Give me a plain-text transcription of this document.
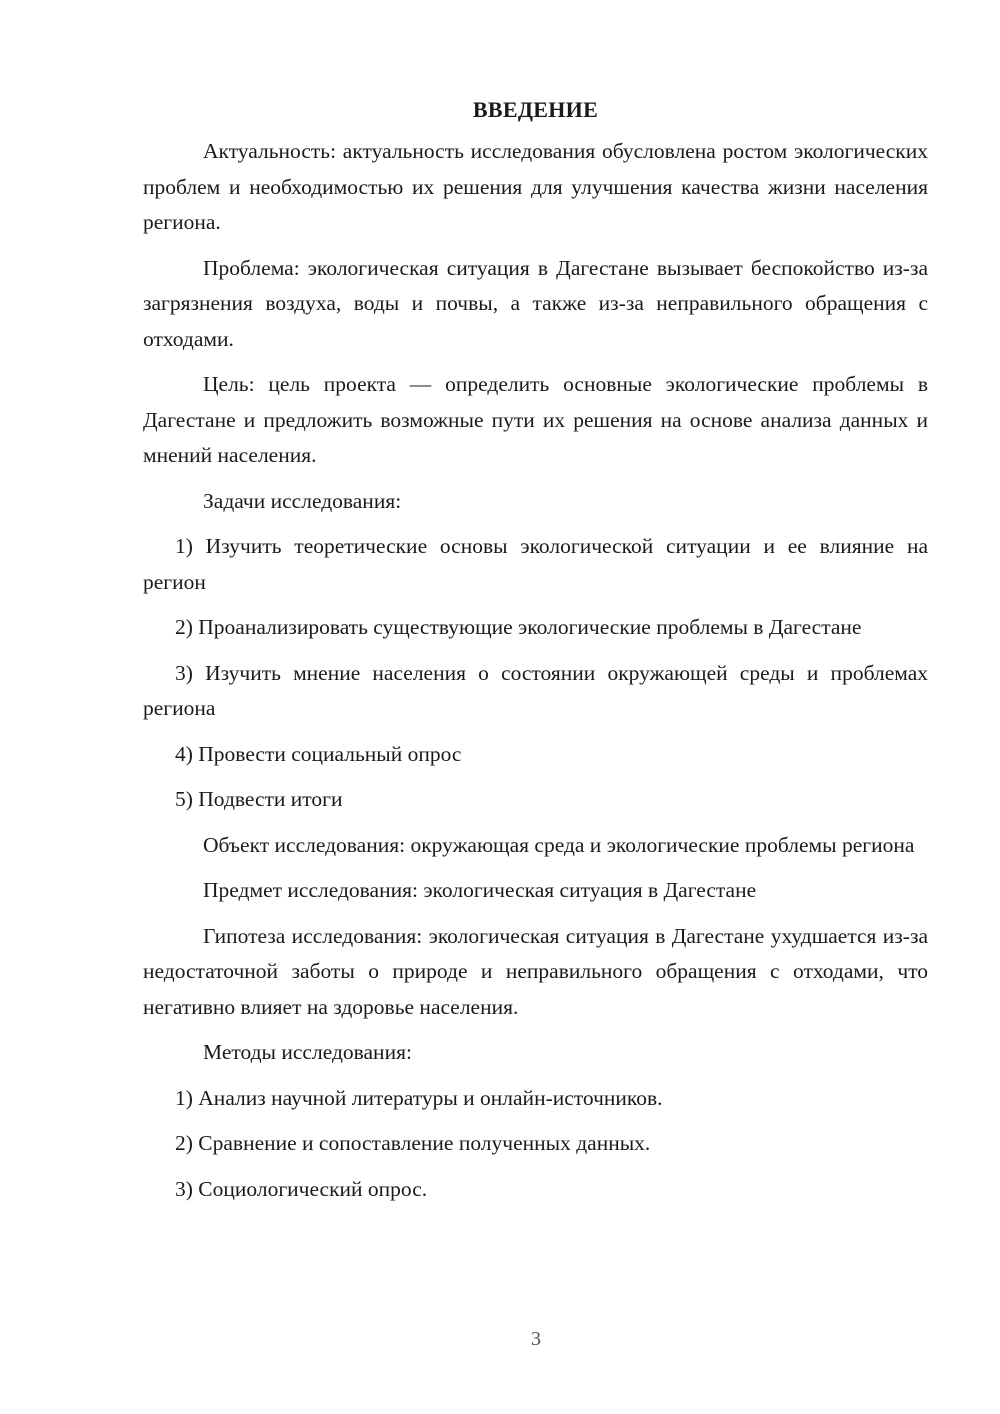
ВВЕДЕНИЕ

Актуальность: актуальность исследования обусловлена ростом экологических проблем и необходимостью их решения для улучшения качества жизни населения региона.

Проблема: экологическая ситуация в Дагестане вызывает беспокойство из-за загрязнения воздуха, воды и почвы, а также из-за неправильного обращения с отходами.

Цель: цель проекта — определить основные экологические проблемы в Дагестане и предложить возможные пути их решения на основе анализа данных и мнений населения.

Задачи исследования:

1) Изучить теоретические основы экологической ситуации и ее влияние на регион

2) Проанализировать существующие экологические проблемы в Дагестане

3) Изучить мнение населения о состоянии окружающей среды и проблемах региона

4) Провести социальный опрос

5) Подвести итоги

Объект исследования: окружающая среда и экологические проблемы региона

Предмет исследования: экологическая ситуация в Дагестане

Гипотеза исследования: экологическая ситуация в Дагестане ухудшается из-за недостаточной заботы о природе и неправильного обращения с отходами, что негативно влияет на здоровье населения.

Методы исследования:

1) Анализ научной литературы и онлайн-источников.

2) Сравнение и сопоставление полученных данных.

3) Социологический опрос.

3
